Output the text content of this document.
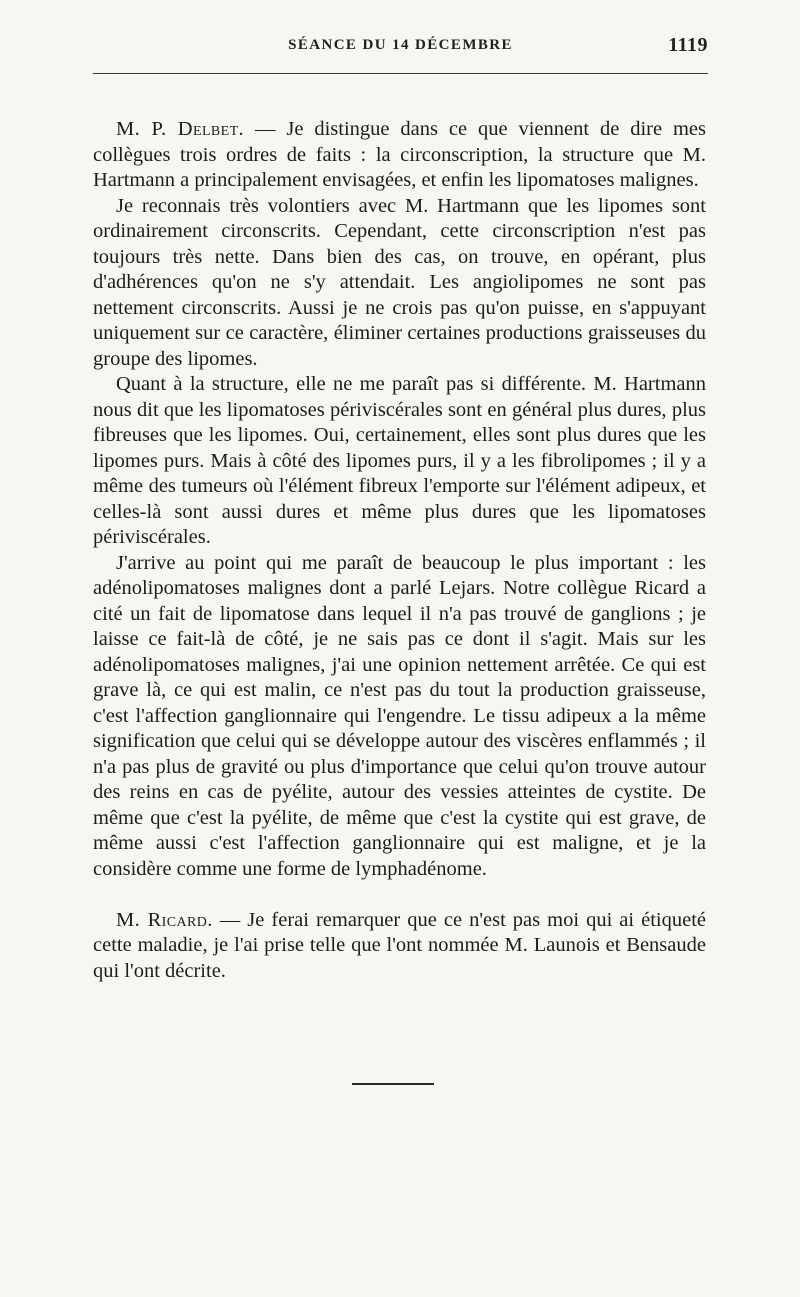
SÉANCE DU 14 DÉCEMBRE	1119

M. P. Delbet. — Je distingue dans ce que viennent de dire mes collègues trois ordres de faits : la circonscription, la structure que M. Hartmann a principalement envisagées, et enfin les lipomatoses malignes.

Je reconnais très volontiers avec M. Hartmann que les lipomes sont ordinairement circonscrits. Cependant, cette circonscription n'est pas toujours très nette. Dans bien des cas, on trouve, en opérant, plus d'adhérences qu'on ne s'y attendait. Les angiolipomes ne sont pas nettement circonscrits. Aussi je ne crois pas qu'on puisse, en s'appuyant uniquement sur ce caractère, éliminer certaines productions graisseuses du groupe des lipomes.

Quant à la structure, elle ne me paraît pas si différente. M. Hartmann nous dit que les lipomatoses périviscérales sont en général plus dures, plus fibreuses que les lipomes. Oui, certainement, elles sont plus dures que les lipomes purs. Mais à côté des lipomes purs, il y a les fibrolipomes ; il y a même des tumeurs où l'élément fibreux l'emporte sur l'élément adipeux, et celles-là sont aussi dures et même plus dures que les lipomatoses périviscérales.

J'arrive au point qui me paraît de beaucoup le plus important : les adénolipomatoses malignes dont a parlé Lejars. Notre collègue Ricard a cité un fait de lipomatose dans lequel il n'a pas trouvé de ganglions ; je laisse ce fait-là de côté, je ne sais pas ce dont il s'agit. Mais sur les adénolipomatoses malignes, j'ai une opinion nettement arrêtée. Ce qui est grave là, ce qui est malin, ce n'est pas du tout la production graisseuse, c'est l'affection ganglionnaire qui l'engendre. Le tissu adipeux a la même signification que celui qui se développe autour des viscères enflammés ; il n'a pas plus de gravité ou plus d'importance que celui qu'on trouve autour des reins en cas de pyélite, autour des vessies atteintes de cystite. De même que c'est la pyélite, de même que c'est la cystite qui est grave, de même aussi c'est l'affection ganglionnaire qui est maligne, et je la considère comme une forme de lymphadénome.

M. Ricard. — Je ferai remarquer que ce n'est pas moi qui ai étiqueté cette maladie, je l'ai prise telle que l'ont nommée M. Launois et Bensaude qui l'ont décrite.
